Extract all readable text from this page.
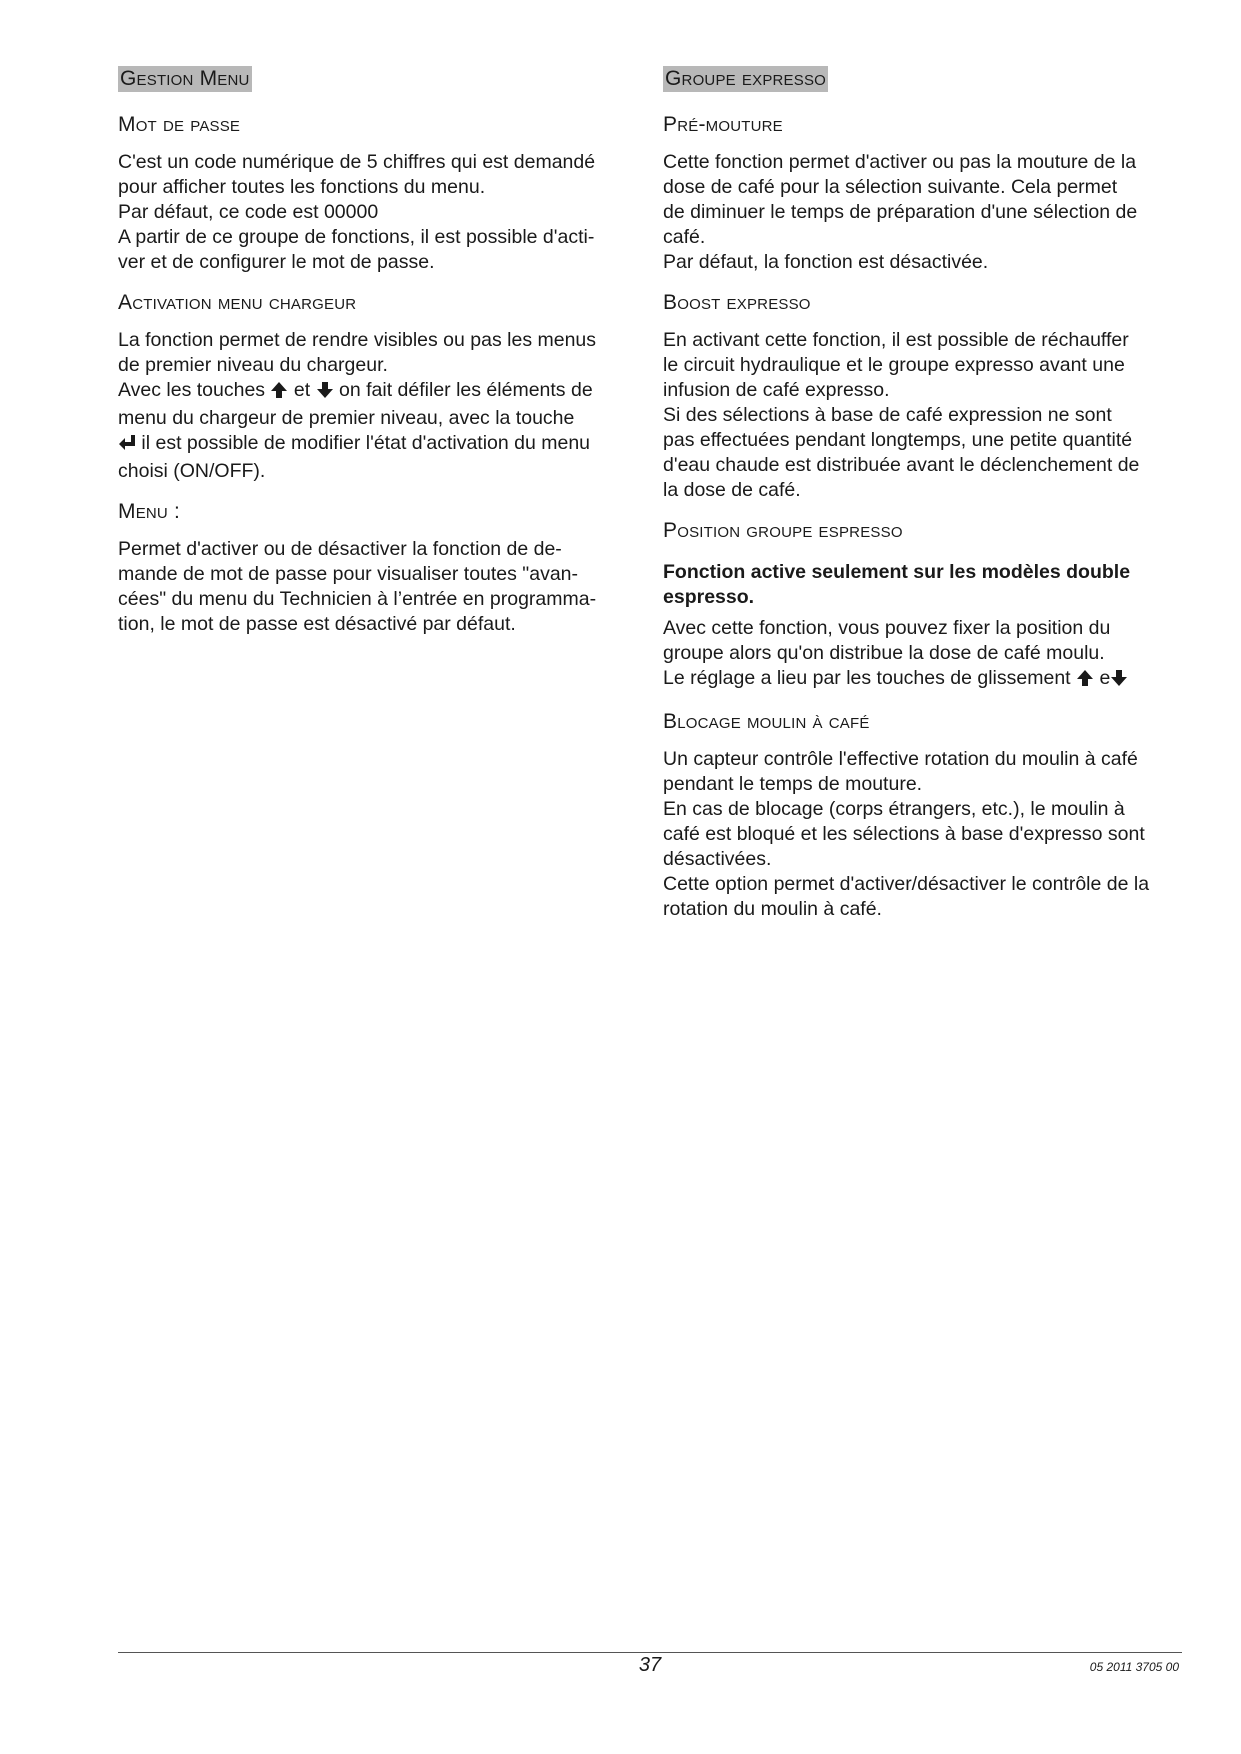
Gestion Menu
Mot de passe
C'est un code numérique de 5 chiffres qui est demandé
pour afficher toutes les fonctions du menu.
Par défaut, ce code est 00000
A partir de ce groupe de fonctions, il est possible d'acti-
ver et de configurer le mot de passe.
Activation menu chargeur
La fonction permet de rendre visibles ou pas les menus
de premier niveau du chargeur.
Avec les touches et on fait défiler les éléments de
menu du chargeur de premier niveau, avec la touche
il est possible de modifier l'état d'activation du menu
choisi (ON/OFF).
Menu :
Permet d'activer ou de désactiver la fonction de de-
mande de mot de passe pour visualiser toutes "avan-
cées" du menu du Technicien à l’entrée en programma-
tion, le mot de passe est désactivé par défaut.
Groupe expresso
Pré-mouture
Cette fonction permet d'activer ou pas la mouture de la
dose de café pour la sélection suivante. Cela permet
de diminuer le temps de préparation d'une sélection de
café.
Par défaut, la fonction est désactivée.
Boost expresso
En activant cette fonction, il est possible de réchauffer
le circuit hydraulique et le groupe expresso avant une
infusion de café expresso.
Si des sélections à base de café expression ne sont
pas effectuées pendant longtemps, une petite quantité
d'eau chaude est distribuée avant le déclenchement de
la dose de café.
Position groupe espresso
Fonction active seulement sur les modèles double
espresso.
Avec cette fonction, vous pouvez fixer la position du
groupe alors qu'on distribue la dose de café moulu.
Le réglage a lieu par les touches de glissement e
Blocage moulin à café
Un capteur contrôle l'effective rotation du moulin à café
pendant le temps de mouture.
En cas de blocage (corps étrangers, etc.), le moulin à
café est bloqué et les sélections à base d'expresso sont
désactivées.
Cette option permet d'activer/désactiver le contrôle de la
rotation du moulin à café.
37	05 2011 3705 00
